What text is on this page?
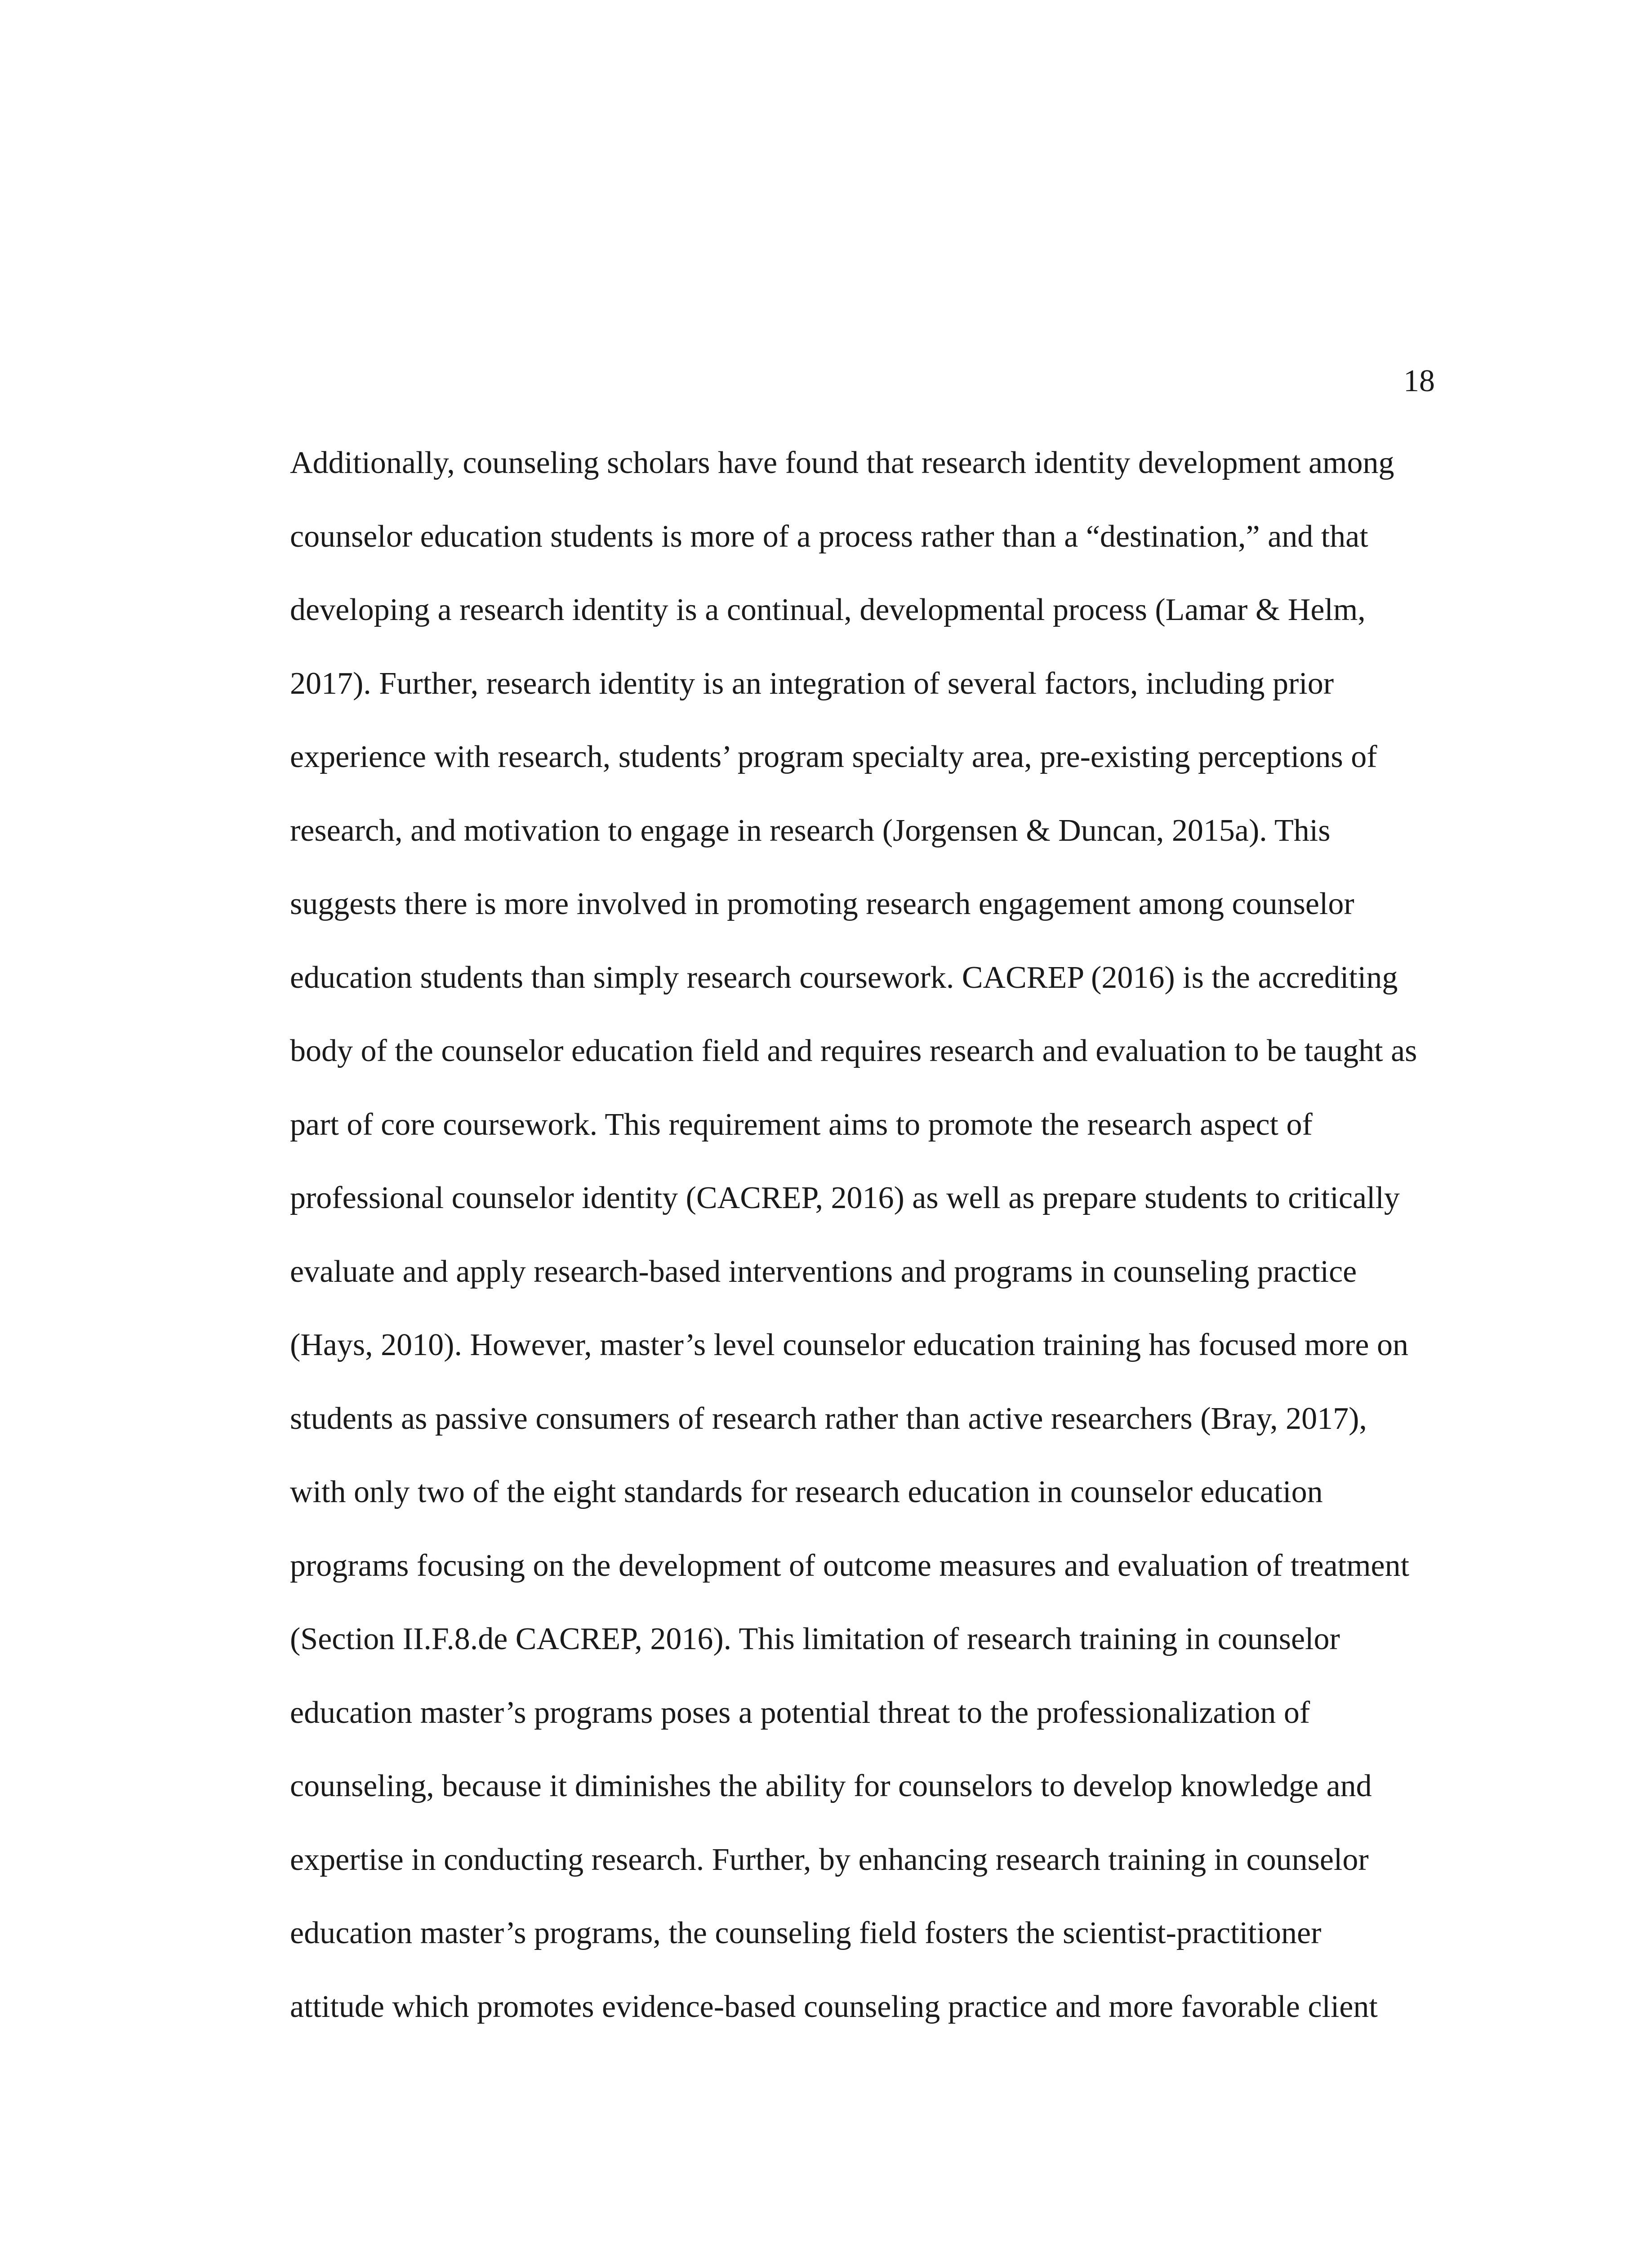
18
Additionally, counseling scholars have found that research identity development among
counselor education students is more of a process rather than a “destination,” and that
developing a research identity is a continual, developmental process (Lamar & Helm,
2017). Further, research identity is an integration of several factors, including prior
experience with research, students’ program specialty area, pre-existing perceptions of
research, and motivation to engage in research (Jorgensen & Duncan, 2015a). This
suggests there is more involved in promoting research engagement among counselor
education students than simply research coursework. CACREP (2016) is the accrediting
body of the counselor education field and requires research and evaluation to be taught as
part of core coursework. This requirement aims to promote the research aspect of
professional counselor identity (CACREP, 2016) as well as prepare students to critically
evaluate and apply research-based interventions and programs in counseling practice
(Hays, 2010). However, master’s level counselor education training has focused more on
students as passive consumers of research rather than active researchers (Bray, 2017),
with only two of the eight standards for research education in counselor education
programs focusing on the development of outcome measures and evaluation of treatment
(Section II.F.8.de CACREP, 2016). This limitation of research training in counselor
education master’s programs poses a potential threat to the professionalization of
counseling, because it diminishes the ability for counselors to develop knowledge and
expertise in conducting research. Further, by enhancing research training in counselor
education master’s programs, the counseling field fosters the scientist-practitioner
attitude which promotes evidence-based counseling practice and more favorable client
